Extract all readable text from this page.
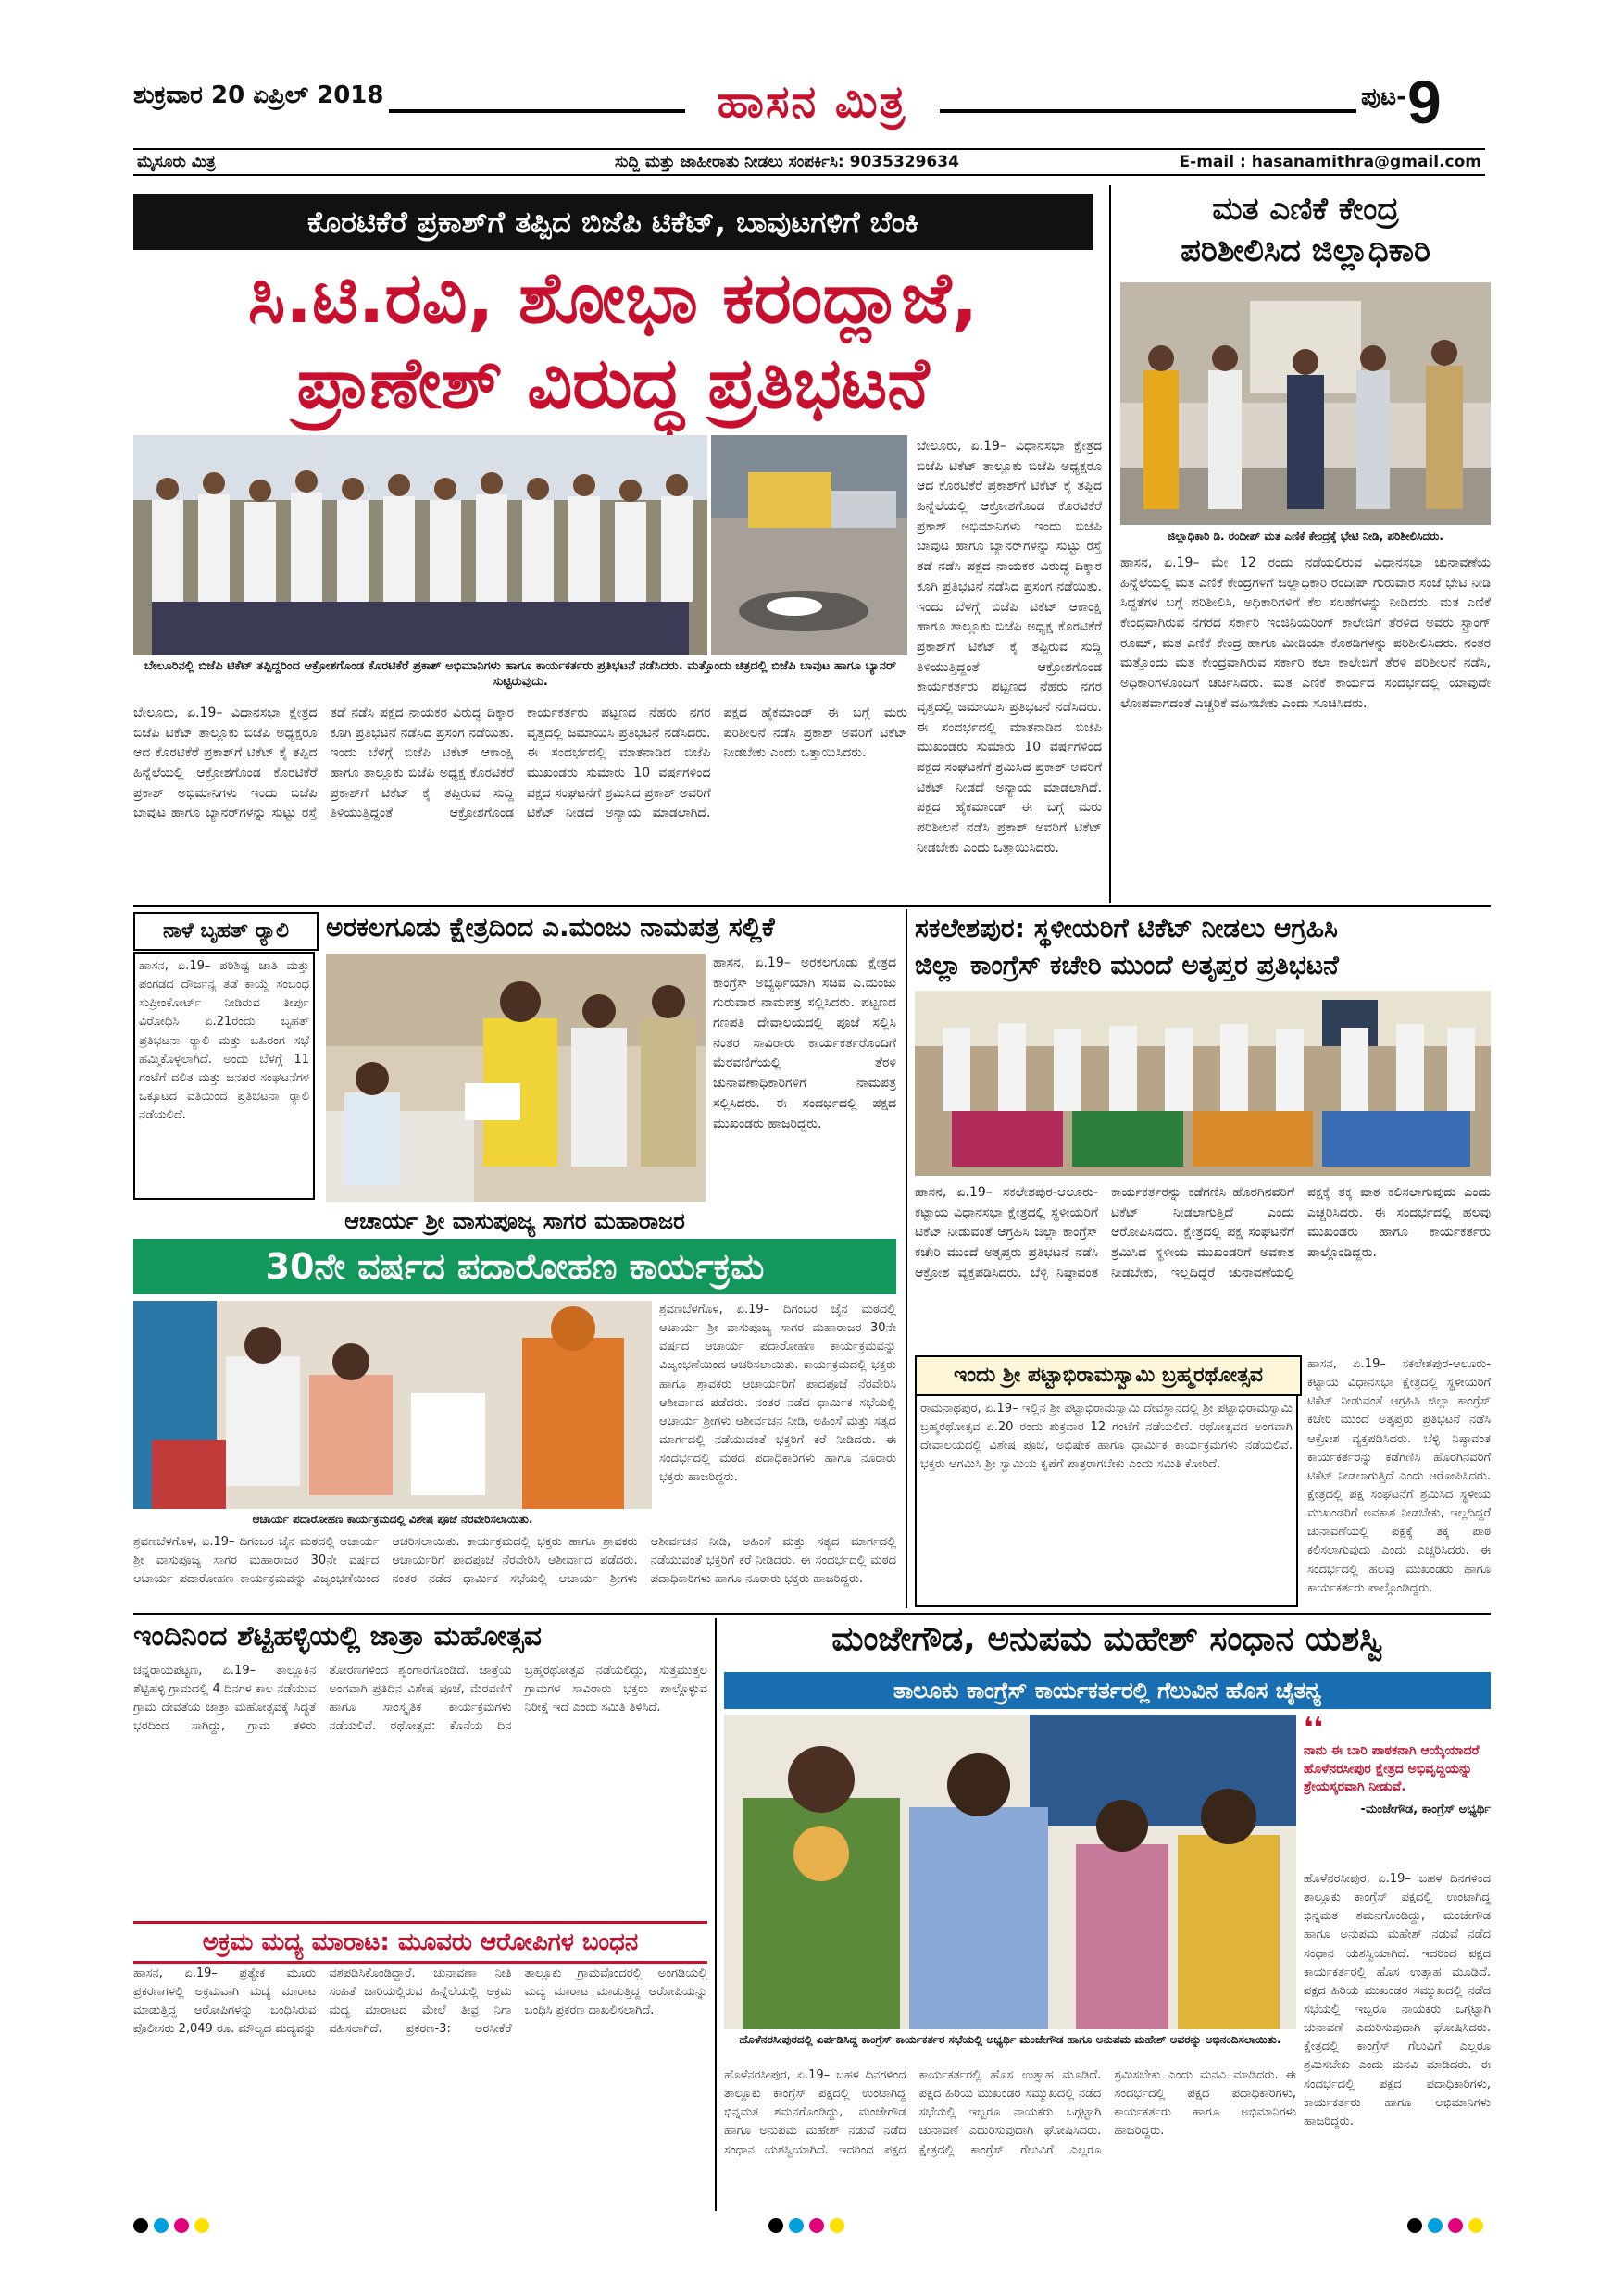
ಶುಕ್ರವಾರ 20 ಏಪ್ರಿಲ್ 2018	ಹಾಸನ ಮಿತ್ರ	ಪುಟ- 9
ಮೈಸೂರು ಮಿತ್ರ	ಸುದ್ದಿ ಮತ್ತು ಜಾಹೀರಾತು ನೀಡಲು ಸಂಪರ್ಕಿಸಿ: 9035329634	E-mail : hasanamithra@gmail.com
ಕೊರಟಿಕೆರೆ ಪ್ರಕಾಶ್‌ಗೆ ತಪ್ಪಿದ ಬಿಜೆಪಿ ಟಿಕೆಟ್, ಬಾವುಟಗಳಿಗೆ ಬೆಂಕಿ
ಸಿ.ಟಿ.ರವಿ, ಶೋಭಾ ಕರಂದ್ಲಾಜೆ,
ಪ್ರಾಣೇಶ್ ವಿರುದ್ಧ ಪ್ರತಿಭಟನೆ
ಬೇಲೂರಿನಲ್ಲಿ ಬಿಜೆಪಿ ಟಿಕೆಟ್ ತಪ್ಪಿದ್ದರಿಂದ ಆಕ್ರೋಶಗೊಂಡ ಕೊರಟಿಕೆರೆ ಪ್ರಕಾಶ್ ಅಭಿಮಾನಿಗಳು ಹಾಗೂ ಕಾರ್ಯಕರ್ತರು ಪ್ರತಿಭಟನೆ ನಡೆಸಿದರು. ಮತ್ತೊಂದು ಚಿತ್ರದಲ್ಲಿ ಬಿಜೆಪಿ ಬಾವುಟ ಹಾಗೂ ಬ್ಯಾನರ್ ಸುಟ್ಟಿರುವುದು.
ಬೇಲೂರು, ಏ.19– ವಿಧಾನಸಭಾ ಕ್ಷೇತ್ರದ ಬಿಜೆಪಿ ಟಿಕೆಟ್ ತಾಲ್ಲೂಕು ಬಿಜೆಪಿ ಅಧ್ಯಕ್ಷರೂ ಆದ ಕೊರಟಿಕೆರೆ ಪ್ರಕಾಶ್‌ಗೆ ಟಿಕೆಟ್ ಕೈ ತಪ್ಪಿದ ಹಿನ್ನೆಲೆಯಲ್ಲಿ ಆಕ್ರೋಶಗೊಂಡ ಕೊರಟಿಕೆರೆ ಪ್ರಕಾಶ್ ಅಭಿಮಾನಿಗಳು ಇಂದು ಬಿಜೆಪಿ ಬಾವುಟ ಹಾಗೂ ಬ್ಯಾನರ್‌ಗಳನ್ನು ಸುಟ್ಟು ರಸ್ತೆ ತಡೆ ನಡೆಸಿ ಪಕ್ಷದ ನಾಯಕರ ವಿರುದ್ಧ ದಿಕ್ಕಾರ ಕೂಗಿ ಪ್ರತಿಭಟನೆ ನಡೆಸಿದ ಪ್ರಸಂಗ ನಡೆಯಿತು. ಇಂದು ಬೆಳಗ್ಗೆ ಬಿಜೆಪಿ ಟಿಕೆಟ್ ಆಕಾಂಕ್ಷಿ ಹಾಗೂ ತಾಲ್ಲೂಕು ಬಿಜೆಪಿ ಅಧ್ಯಕ್ಷ ಕೊರಟಿಕೆರೆ ಪ್ರಕಾಶ್‌ಗೆ ಟಿಕೆಟ್ ಕೈ ತಪ್ಪಿರುವ ಸುದ್ದಿ ತಿಳಿಯುತ್ತಿದ್ದಂತೆ ಆಕ್ರೋಶಗೊಂಡ ಕಾರ್ಯಕರ್ತರು ಪಟ್ಟಣದ ನೆಹರು ನಗರ ವೃತ್ತದಲ್ಲಿ ಜಮಾಯಿಸಿ ಪ್ರತಿಭಟನೆ ನಡೆಸಿದರು. ಈ ಸಂದರ್ಭದಲ್ಲಿ ಮಾತನಾಡಿದ ಬಿಜೆಪಿ ಮುಖಂಡರು ಸುಮಾರು 10 ವರ್ಷಗಳಿಂದ ಪಕ್ಷದ ಸಂಘಟನೆಗೆ ಶ್ರಮಿಸಿದ ಪ್ರಕಾಶ್ ಅವರಿಗೆ ಟಿಕೆಟ್ ನೀಡದೆ ಅನ್ಯಾಯ ಮಾಡಲಾಗಿದೆ. ಪಕ್ಷದ ಹೈಕಮಾಂಡ್ ಈ ಬಗ್ಗೆ ಮರು ಪರಿಶೀಲನೆ ನಡೆಸಿ ಪ್ರಕಾಶ್ ಅವರಿಗೆ ಟಿಕೆಟ್ ನೀಡಬೇಕು ಎಂದು ಒತ್ತಾಯಿಸಿದರು.
ಬೇಲೂರು, ಏ.19– ವಿಧಾನಸಭಾ ಕ್ಷೇತ್ರದ ಬಿಜೆಪಿ ಟಿಕೆಟ್ ತಾಲ್ಲೂಕು ಬಿಜೆಪಿ ಅಧ್ಯಕ್ಷರೂ ಆದ ಕೊರಟಿಕೆರೆ ಪ್ರಕಾಶ್‌ಗೆ ಟಿಕೆಟ್ ಕೈ ತಪ್ಪಿದ ಹಿನ್ನೆಲೆಯಲ್ಲಿ ಆಕ್ರೋಶಗೊಂಡ ಕೊರಟಿಕೆರೆ ಪ್ರಕಾಶ್ ಅಭಿಮಾನಿಗಳು ಇಂದು ಬಿಜೆಪಿ ಬಾವುಟ ಹಾಗೂ ಬ್ಯಾನರ್‌ಗಳನ್ನು ಸುಟ್ಟು ರಸ್ತೆ ತಡೆ ನಡೆಸಿ ಪಕ್ಷದ ನಾಯಕರ ವಿರುದ್ಧ ದಿಕ್ಕಾರ ಕೂಗಿ ಪ್ರತಿಭಟನೆ ನಡೆಸಿದ ಪ್ರಸಂಗ ನಡೆಯಿತು. ಇಂದು ಬೆಳಗ್ಗೆ ಬಿಜೆಪಿ ಟಿಕೆಟ್ ಆಕಾಂಕ್ಷಿ ಹಾಗೂ ತಾಲ್ಲೂಕು ಬಿಜೆಪಿ ಅಧ್ಯಕ್ಷ ಕೊರಟಿಕೆರೆ ಪ್ರಕಾಶ್‌ಗೆ ಟಿಕೆಟ್ ಕೈ ತಪ್ಪಿರುವ ಸುದ್ದಿ ತಿಳಿಯುತ್ತಿದ್ದಂತೆ ಆಕ್ರೋಶಗೊಂಡ ಕಾರ್ಯಕರ್ತರು ಪಟ್ಟಣದ ನೆಹರು ನಗರ ವೃತ್ತದಲ್ಲಿ ಜಮಾಯಿಸಿ ಪ್ರತಿಭಟನೆ ನಡೆಸಿದರು. ಈ ಸಂದರ್ಭದಲ್ಲಿ ಮಾತನಾಡಿದ ಬಿಜೆಪಿ ಮುಖಂಡರು ಸುಮಾರು 10 ವರ್ಷಗಳಿಂದ ಪಕ್ಷದ ಸಂಘಟನೆಗೆ ಶ್ರಮಿಸಿದ ಪ್ರಕಾಶ್ ಅವರಿಗೆ ಟಿಕೆಟ್ ನೀಡದೆ ಅನ್ಯಾಯ ಮಾಡಲಾಗಿದೆ. ಪಕ್ಷದ ಹೈಕಮಾಂಡ್ ಈ ಬಗ್ಗೆ ಮರು ಪರಿಶೀಲನೆ ನಡೆಸಿ ಪ್ರಕಾಶ್ ಅವರಿಗೆ ಟಿಕೆಟ್ ನೀಡಬೇಕು ಎಂದು ಒತ್ತಾಯಿಸಿದರು.
ಮತ ಎಣಿಕೆ ಕೇಂದ್ರ
ಪರಿಶೀಲಿಸಿದ ಜಿಲ್ಲಾಧಿಕಾರಿ
ಜಿಲ್ಲಾಧಿಕಾರಿ ಡಿ. ರಂದೀಪ್ ಮತ ಎಣಿಕೆ ಕೇಂದ್ರಕ್ಕೆ ಭೇಟಿ ನೀಡಿ, ಪರಿಶೀಲಿಸಿದರು.
ಹಾಸನ, ಏ.19– ಮೇ 12 ರಂದು ನಡೆಯಲಿರುವ ವಿಧಾನಸಭಾ ಚುನಾವಣೆಯ ಹಿನ್ನೆಲೆಯಲ್ಲಿ ಮತ ಎಣಿಕೆ ಕೇಂದ್ರಗಳಿಗೆ ಜಿಲ್ಲಾಧಿಕಾರಿ ರಂದೀಪ್ ಗುರುವಾರ ಸಂಜೆ ಭೇಟಿ ನೀಡಿ ಸಿದ್ಧತೆಗಳ ಬಗ್ಗೆ ಪರಿಶೀಲಿಸಿ, ಅಧಿಕಾರಿಗಳಿಗೆ ಕೆಲ ಸಲಹೆಗಳನ್ನು ನೀಡಿದರು. ಮತ ಎಣಿಕೆ ಕೇಂದ್ರವಾಗಿರುವ ನಗರದ ಸರ್ಕಾರಿ ಇಂಜಿನಿಯರಿಂಗ್ ಕಾಲೇಜಿಗೆ ತೆರಳಿದ ಅವರು ಸ್ಟ್ರಾಂಗ್ ರೂಮ್, ಮತ ಎಣಿಕೆ ಕೇಂದ್ರ ಹಾಗೂ ಮೀಡಿಯಾ ಕೊಠಡಿಗಳನ್ನು ಪರಿಶೀಲಿಸಿದರು. ನಂತರ ಮತ್ತೊಂದು ಮತ ಕೇಂದ್ರವಾಗಿರುವ ಸರ್ಕಾರಿ ಕಲಾ ಕಾಲೇಜಿಗೆ ತೆರಳಿ ಪರಿಶೀಲನೆ ನಡೆಸಿ, ಅಧಿಕಾರಿಗಳೊಂದಿಗೆ ಚರ್ಚಿಸಿದರು. ಮತ ಎಣಿಕೆ ಕಾರ್ಯದ ಸಂದರ್ಭದಲ್ಲಿ ಯಾವುದೇ ಲೋಪವಾಗದಂತೆ ಎಚ್ಚರಿಕೆ ವಹಿಸಬೇಕು ಎಂದು ಸೂಚಿಸಿದರು.
ನಾಳೆ ಬೃಹತ್ ರ್‍ಯಾಲಿ
ಹಾಸನ, ಏ.19– ಪರಿಶಿಷ್ಟ ಜಾತಿ ಮತ್ತು ಪಂಗಡದ ದೌರ್ಜನ್ಯ ತಡೆ ಕಾಯ್ದೆ ಸಂಬಂಧ ಸುಪ್ರೀಂಕೋರ್ಟ್ ನೀಡಿರುವ ತೀರ್ಪು ವಿರೋಧಿಸಿ ಏ.21ರಂದು ಬೃಹತ್ ಪ್ರತಿಭಟನಾ ರ್‍ಯಾಲಿ ಮತ್ತು ಬಹಿರಂಗ ಸಭೆ ಹಮ್ಮಿಕೊಳ್ಳಲಾಗಿದೆ. ಅಂದು ಬೆಳಗ್ಗೆ 11 ಗಂಟೆಗೆ ದಲಿತ ಮತ್ತು ಜನಪರ ಸಂಘಟನೆಗಳ ಒಕ್ಕೂಟದ ವತಿಯಿಂದ ಪ್ರತಿಭಟನಾ ರ್‍ಯಾಲಿ ನಡೆಯಲಿದೆ.
ಅರಕಲಗೂಡು ಕ್ಷೇತ್ರದಿಂದ ಎ.ಮಂಜು ನಾಮಪತ್ರ ಸಲ್ಲಿಕೆ
ಹಾಸನ, ಏ.19– ಅರಕಲಗೂಡು ಕ್ಷೇತ್ರದ ಕಾಂಗ್ರೆಸ್ ಅಭ್ಯರ್ಥಿಯಾಗಿ ಸಚಿವ ಎ.ಮಂಜು ಗುರುವಾರ ನಾಮಪತ್ರ ಸಲ್ಲಿಸಿದರು. ಪಟ್ಟಣದ ಗಣಪತಿ ದೇವಾಲಯದಲ್ಲಿ ಪೂಜೆ ಸಲ್ಲಿಸಿ ನಂತರ ಸಾವಿರಾರು ಕಾರ್ಯಕರ್ತರೊಂದಿಗೆ ಮೆರವಣಿಗೆಯಲ್ಲಿ ತೆರಳಿ ಚುನಾವಣಾಧಿಕಾರಿಗಳಿಗೆ ನಾಮಪತ್ರ ಸಲ್ಲಿಸಿದರು. ಈ ಸಂದರ್ಭದಲ್ಲಿ ಪಕ್ಷದ ಮುಖಂಡರು ಹಾಜರಿದ್ದರು.
ಸಕಲೇಶಪುರ: ಸ್ಥಳೀಯರಿಗೆ ಟಿಕೆಟ್ ನೀಡಲು ಆಗ್ರಹಿಸಿ
ಜಿಲ್ಲಾ ಕಾಂಗ್ರೆಸ್ ಕಚೇರಿ ಮುಂದೆ ಅತೃಪ್ತರ ಪ್ರತಿಭಟನೆ
ಹಾಸನ, ಏ.19– ಸಕಲೇಶಪುರ-ಆಲೂರು-ಕಟ್ಟಾಯ ವಿಧಾನಸಭಾ ಕ್ಷೇತ್ರದಲ್ಲಿ ಸ್ಥಳೀಯರಿಗೆ ಟಿಕೆಟ್ ನೀಡುವಂತೆ ಆಗ್ರಹಿಸಿ ಜಿಲ್ಲಾ ಕಾಂಗ್ರೆಸ್ ಕಚೇರಿ ಮುಂದೆ ಅತೃಪ್ತರು ಪ್ರತಿಭಟನೆ ನಡೆಸಿ ಆಕ್ರೋಶ ವ್ಯಕ್ತಪಡಿಸಿದರು. ಬೆಳ್ಳಿ ನಿಷ್ಠಾವಂತ ಕಾರ್ಯಕರ್ತರನ್ನು ಕಡೆಗಣಿಸಿ ಹೊರಗಿನವರಿಗೆ ಟಿಕೆಟ್ ನೀಡಲಾಗುತ್ತಿದೆ ಎಂದು ಆರೋಪಿಸಿದರು. ಕ್ಷೇತ್ರದಲ್ಲಿ ಪಕ್ಷ ಸಂಘಟನೆಗೆ ಶ್ರಮಿಸಿದ ಸ್ಥಳೀಯ ಮುಖಂಡರಿಗೆ ಅವಕಾಶ ನೀಡಬೇಕು, ಇಲ್ಲದಿದ್ದರೆ ಚುನಾವಣೆಯಲ್ಲಿ ಪಕ್ಷಕ್ಕೆ ತಕ್ಕ ಪಾಠ ಕಲಿಸಲಾಗುವುದು ಎಂದು ಎಚ್ಚರಿಸಿದರು. ಈ ಸಂದರ್ಭದಲ್ಲಿ ಹಲವು ಮುಖಂಡರು ಹಾಗೂ ಕಾರ್ಯಕರ್ತರು ಪಾಲ್ಗೊಂಡಿದ್ದರು.
ಆಚಾರ್ಯ ಶ್ರೀ ವಾಸುಪೂಜ್ಯ ಸಾಗರ ಮಹಾರಾಜರ
30ನೇ ವರ್ಷದ ಪದಾರೋಹಣ ಕಾರ್ಯಕ್ರಮ
ಶ್ರವಣಬೆಳಗೊಳ, ಏ.19– ದಿಗಂಬರ ಜೈನ ಮಠದಲ್ಲಿ ಆಚಾರ್ಯ ಶ್ರೀ ವಾಸುಪೂಜ್ಯ ಸಾಗರ ಮಹಾರಾಜರ 30ನೇ ವರ್ಷದ ಆಚಾರ್ಯ ಪದಾರೋಹಣ ಕಾರ್ಯಕ್ರಮವನ್ನು ವಿಜೃಂಭಣೆಯಿಂದ ಆಚರಿಸಲಾಯಿತು. ಕಾರ್ಯಕ್ರಮದಲ್ಲಿ ಭಕ್ತರು ಹಾಗೂ ಶ್ರಾವಕರು ಆಚಾರ್ಯರಿಗೆ ಪಾದಪೂಜೆ ನೆರವೇರಿಸಿ ಆಶೀರ್ವಾದ ಪಡೆದರು. ನಂತರ ನಡೆದ ಧಾರ್ಮಿಕ ಸಭೆಯಲ್ಲಿ ಆಚಾರ್ಯ ಶ್ರೀಗಳು ಆಶೀರ್ವಚನ ನೀಡಿ, ಅಹಿಂಸೆ ಮತ್ತು ಸತ್ಯದ ಮಾರ್ಗದಲ್ಲಿ ನಡೆಯುವಂತೆ ಭಕ್ತರಿಗೆ ಕರೆ ನೀಡಿದರು. ಈ ಸಂದರ್ಭದಲ್ಲಿ ಮಠದ ಪದಾಧಿಕಾರಿಗಳು ಹಾಗೂ ನೂರಾರು ಭಕ್ತರು ಹಾಜರಿದ್ದರು.
ಆಚಾರ್ಯ ಪದಾರೋಹಣ ಕಾರ್ಯಕ್ರಮದಲ್ಲಿ ವಿಶೇಷ ಪೂಜೆ ನೆರವೇರಿಸಲಾಯಿತು.
ಶ್ರವಣಬೆಳಗೊಳ, ಏ.19– ದಿಗಂಬರ ಜೈನ ಮಠದಲ್ಲಿ ಆಚಾರ್ಯ ಶ್ರೀ ವಾಸುಪೂಜ್ಯ ಸಾಗರ ಮಹಾರಾಜರ 30ನೇ ವರ್ಷದ ಆಚಾರ್ಯ ಪದಾರೋಹಣ ಕಾರ್ಯಕ್ರಮವನ್ನು ವಿಜೃಂಭಣೆಯಿಂದ ಆಚರಿಸಲಾಯಿತು. ಕಾರ್ಯಕ್ರಮದಲ್ಲಿ ಭಕ್ತರು ಹಾಗೂ ಶ್ರಾವಕರು ಆಚಾರ್ಯರಿಗೆ ಪಾದಪೂಜೆ ನೆರವೇರಿಸಿ ಆಶೀರ್ವಾದ ಪಡೆದರು. ನಂತರ ನಡೆದ ಧಾರ್ಮಿಕ ಸಭೆಯಲ್ಲಿ ಆಚಾರ್ಯ ಶ್ರೀಗಳು ಆಶೀರ್ವಚನ ನೀಡಿ, ಅಹಿಂಸೆ ಮತ್ತು ಸತ್ಯದ ಮಾರ್ಗದಲ್ಲಿ ನಡೆಯುವಂತೆ ಭಕ್ತರಿಗೆ ಕರೆ ನೀಡಿದರು. ಈ ಸಂದರ್ಭದಲ್ಲಿ ಮಠದ ಪದಾಧಿಕಾರಿಗಳು ಹಾಗೂ ನೂರಾರು ಭಕ್ತರು ಹಾಜರಿದ್ದರು.
ಇಂದು ಶ್ರೀ ಪಟ್ಟಾಭಿರಾಮಸ್ವಾಮಿ ಬ್ರಹ್ಮರಥೋತ್ಸವ
ರಾಮನಾಥಪುರ, ಏ.19– ಇಲ್ಲಿನ ಶ್ರೀ ಪಟ್ಟಾಭಿರಾಮಸ್ವಾಮಿ ದೇವಸ್ಥಾನದಲ್ಲಿ ಶ್ರೀ ಪಟ್ಟಾಭಿರಾಮಸ್ವಾಮಿ ಬ್ರಹ್ಮರಥೋತ್ಸವ ಏ.20 ರಂದು ಶುಕ್ರವಾರ 12 ಗಂಟೆಗೆ ನಡೆಯಲಿದೆ. ರಥೋತ್ಸವದ ಅಂಗವಾಗಿ ದೇವಾಲಯದಲ್ಲಿ ವಿಶೇಷ ಪೂಜೆ, ಅಭಿಷೇಕ ಹಾಗೂ ಧಾರ್ಮಿಕ ಕಾರ್ಯಕ್ರಮಗಳು ನಡೆಯಲಿವೆ. ಭಕ್ತರು ಆಗಮಿಸಿ ಶ್ರೀ ಸ್ವಾಮಿಯ ಕೃಪೆಗೆ ಪಾತ್ರರಾಗಬೇಕು ಎಂದು ಸಮಿತಿ ಕೋರಿದೆ.
ಹಾಸನ, ಏ.19– ಸಕಲೇಶಪುರ-ಆಲೂರು-ಕಟ್ಟಾಯ ವಿಧಾನಸಭಾ ಕ್ಷೇತ್ರದಲ್ಲಿ ಸ್ಥಳೀಯರಿಗೆ ಟಿಕೆಟ್ ನೀಡುವಂತೆ ಆಗ್ರಹಿಸಿ ಜಿಲ್ಲಾ ಕಾಂಗ್ರೆಸ್ ಕಚೇರಿ ಮುಂದೆ ಅತೃಪ್ತರು ಪ್ರತಿಭಟನೆ ನಡೆಸಿ ಆಕ್ರೋಶ ವ್ಯಕ್ತಪಡಿಸಿದರು. ಬೆಳ್ಳಿ ನಿಷ್ಠಾವಂತ ಕಾರ್ಯಕರ್ತರನ್ನು ಕಡೆಗಣಿಸಿ ಹೊರಗಿನವರಿಗೆ ಟಿಕೆಟ್ ನೀಡಲಾಗುತ್ತಿದೆ ಎಂದು ಆರೋಪಿಸಿದರು. ಕ್ಷೇತ್ರದಲ್ಲಿ ಪಕ್ಷ ಸಂಘಟನೆಗೆ ಶ್ರಮಿಸಿದ ಸ್ಥಳೀಯ ಮುಖಂಡರಿಗೆ ಅವಕಾಶ ನೀಡಬೇಕು, ಇಲ್ಲದಿದ್ದರೆ ಚುನಾವಣೆಯಲ್ಲಿ ಪಕ್ಷಕ್ಕೆ ತಕ್ಕ ಪಾಠ ಕಲಿಸಲಾಗುವುದು ಎಂದು ಎಚ್ಚರಿಸಿದರು. ಈ ಸಂದರ್ಭದಲ್ಲಿ ಹಲವು ಮುಖಂಡರು ಹಾಗೂ ಕಾರ್ಯಕರ್ತರು ಪಾಲ್ಗೊಂಡಿದ್ದರು.
ಇಂದಿನಿಂದ ಶೆಟ್ಟಿಹಳ್ಳಿಯಲ್ಲಿ ಜಾತ್ರಾ ಮಹೋತ್ಸವ
ಚನ್ನರಾಯಪಟ್ಟಣ, ಏ.19– ತಾಲ್ಲೂಕಿನ ಶೆಟ್ಟಿಹಳ್ಳಿ ಗ್ರಾಮದಲ್ಲಿ 4 ದಿನಗಳ ಕಾಲ ನಡೆಯುವ ಗ್ರಾಮ ದೇವತೆಯ ಜಾತ್ರಾ ಮಹೋತ್ಸವಕ್ಕೆ ಸಿದ್ಧತೆ ಭರದಿಂದ ಸಾಗಿದ್ದು, ಗ್ರಾಮ ತಳಿರು ತೋರಣಗಳಿಂದ ಶೃಂಗಾರಗೊಂಡಿದೆ. ಜಾತ್ರೆಯ ಅಂಗವಾಗಿ ಪ್ರತಿದಿನ ವಿಶೇಷ ಪೂಜೆ, ಮೆರವಣಿಗೆ ಹಾಗೂ ಸಾಂಸ್ಕೃತಿಕ ಕಾರ್ಯಕ್ರಮಗಳು ನಡೆಯಲಿವೆ. ರಥೋತ್ಸವ: ಕೊನೆಯ ದಿನ ಬ್ರಹ್ಮರಥೋತ್ಸವ ನಡೆಯಲಿದ್ದು, ಸುತ್ತಮುತ್ತಲ ಗ್ರಾಮಗಳ ಸಾವಿರಾರು ಭಕ್ತರು ಪಾಲ್ಗೊಳ್ಳುವ ನಿರೀಕ್ಷೆ ಇದೆ ಎಂದು ಸಮಿತಿ ತಿಳಿಸಿದೆ.
ಅಕ್ರಮ ಮದ್ಯ ಮಾರಾಟ: ಮೂವರು ಆರೋಪಿಗಳ ಬಂಧನ
ಹಾಸನ, ಏ.19– ಪ್ರತ್ಯೇಕ ಮೂರು ಪ್ರಕರಣಗಳಲ್ಲಿ ಅಕ್ರಮವಾಗಿ ಮದ್ಯ ಮಾರಾಟ ಮಾಡುತ್ತಿದ್ದ ಆರೋಪಿಗಳನ್ನು ಬಂಧಿಸಿರುವ ಪೊಲೀಸರು 2,049 ರೂ. ಮೌಲ್ಯದ ಮದ್ಯವನ್ನು ವಶಪಡಿಸಿಕೊಂಡಿದ್ದಾರೆ. ಚುನಾವಣಾ ನೀತಿ ಸಂಹಿತೆ ಜಾರಿಯಲ್ಲಿರುವ ಹಿನ್ನೆಲೆಯಲ್ಲಿ ಅಕ್ರಮ ಮದ್ಯ ಮಾರಾಟದ ಮೇಲೆ ತೀವ್ರ ನಿಗಾ ವಹಿಸಲಾಗಿದೆ. ಪ್ರಕರಣ-3: ಅರಸೀಕೆರೆ ತಾಲ್ಲೂಕು ಗ್ರಾಮವೊಂದರಲ್ಲಿ ಅಂಗಡಿಯಲ್ಲಿ ಮದ್ಯ ಮಾರಾಟ ಮಾಡುತ್ತಿದ್ದ ಆರೋಪಿಯನ್ನು ಬಂಧಿಸಿ ಪ್ರಕರಣ ದಾಖಲಿಸಲಾಗಿದೆ.
ಮಂಜೇಗೌಡ, ಅನುಪಮ ಮಹೇಶ್ ಸಂಧಾನ ಯಶಸ್ವಿ
ತಾಲೂಕು ಕಾಂಗ್ರೆಸ್ ಕಾರ್ಯಕರ್ತರಲ್ಲಿ ಗೆಲುವಿನ ಹೊಸ ಚೈತನ್ಯ
❛❛
ನಾನು ಈ ಬಾರಿ ಪಾಠಕನಾಗಿ ಆಯ್ಕೆಯಾದರೆ ಹೊಳೆನರಸೀಪುರ ಕ್ಷೇತ್ರದ ಅಭಿವೃದ್ಧಿಯನ್ನು ಶ್ರೇಯಸ್ಕರವಾಗಿ ನೀಡುವೆ.
-ಮಂಜೇಗೌಡ, ಕಾಂಗ್ರೆಸ್ ಅಭ್ಯರ್ಥಿ
ಹೊಳೆನರಸೀಪುರ, ಏ.19– ಬಹಳ ದಿನಗಳಿಂದ ತಾಲ್ಲೂಕು ಕಾಂಗ್ರೆಸ್ ಪಕ್ಷದಲ್ಲಿ ಉಂಟಾಗಿದ್ದ ಭಿನ್ನಮತ ಶಮನಗೊಂಡಿದ್ದು, ಮಂಜೇಗೌಡ ಹಾಗೂ ಅನುಪಮ ಮಹೇಶ್ ನಡುವೆ ನಡೆದ ಸಂಧಾನ ಯಶಸ್ವಿಯಾಗಿದೆ. ಇದರಿಂದ ಪಕ್ಷದ ಕಾರ್ಯಕರ್ತರಲ್ಲಿ ಹೊಸ ಉತ್ಸಾಹ ಮೂಡಿದೆ. ಪಕ್ಷದ ಹಿರಿಯ ಮುಖಂಡರ ಸಮ್ಮುಖದಲ್ಲಿ ನಡೆದ ಸಭೆಯಲ್ಲಿ ಇಬ್ಬರೂ ನಾಯಕರು ಒಗ್ಗಟ್ಟಾಗಿ ಚುನಾವಣೆ ಎದುರಿಸುವುದಾಗಿ ಘೋಷಿಸಿದರು. ಕ್ಷೇತ್ರದಲ್ಲಿ ಕಾಂಗ್ರೆಸ್ ಗೆಲುವಿಗೆ ಎಲ್ಲರೂ ಶ್ರಮಿಸಬೇಕು ಎಂದು ಮನವಿ ಮಾಡಿದರು. ಈ ಸಂದರ್ಭದಲ್ಲಿ ಪಕ್ಷದ ಪದಾಧಿಕಾರಿಗಳು, ಕಾರ್ಯಕರ್ತರು ಹಾಗೂ ಅಭಿಮಾನಿಗಳು ಹಾಜರಿದ್ದರು.
ಹೊಳೆನರಸೀಪುರದಲ್ಲಿ ಏರ್ಪಡಿಸಿದ್ದ ಕಾಂಗ್ರೆಸ್ ಕಾರ್ಯಕರ್ತರ ಸಭೆಯಲ್ಲಿ ಅಭ್ಯರ್ಥಿ ಮಂಜೇಗೌಡ ಹಾಗೂ ಅನುಪಮ ಮಹೇಶ್ ಅವರನ್ನು ಅಭಿನಂದಿಸಲಾಯಿತು.
ಹೊಳೆನರಸೀಪುರ, ಏ.19– ಬಹಳ ದಿನಗಳಿಂದ ತಾಲ್ಲೂಕು ಕಾಂಗ್ರೆಸ್ ಪಕ್ಷದಲ್ಲಿ ಉಂಟಾಗಿದ್ದ ಭಿನ್ನಮತ ಶಮನಗೊಂಡಿದ್ದು, ಮಂಜೇಗೌಡ ಹಾಗೂ ಅನುಪಮ ಮಹೇಶ್ ನಡುವೆ ನಡೆದ ಸಂಧಾನ ಯಶಸ್ವಿಯಾಗಿದೆ. ಇದರಿಂದ ಪಕ್ಷದ ಕಾರ್ಯಕರ್ತರಲ್ಲಿ ಹೊಸ ಉತ್ಸಾಹ ಮೂಡಿದೆ. ಪಕ್ಷದ ಹಿರಿಯ ಮುಖಂಡರ ಸಮ್ಮುಖದಲ್ಲಿ ನಡೆದ ಸಭೆಯಲ್ಲಿ ಇಬ್ಬರೂ ನಾಯಕರು ಒಗ್ಗಟ್ಟಾಗಿ ಚುನಾವಣೆ ಎದುರಿಸುವುದಾಗಿ ಘೋಷಿಸಿದರು. ಕ್ಷೇತ್ರದಲ್ಲಿ ಕಾಂಗ್ರೆಸ್ ಗೆಲುವಿಗೆ ಎಲ್ಲರೂ ಶ್ರಮಿಸಬೇಕು ಎಂದು ಮನವಿ ಮಾಡಿದರು. ಈ ಸಂದರ್ಭದಲ್ಲಿ ಪಕ್ಷದ ಪದಾಧಿಕಾರಿಗಳು, ಕಾರ್ಯಕರ್ತರು ಹಾಗೂ ಅಭಿಮಾನಿಗಳು ಹಾಜರಿದ್ದರು.
